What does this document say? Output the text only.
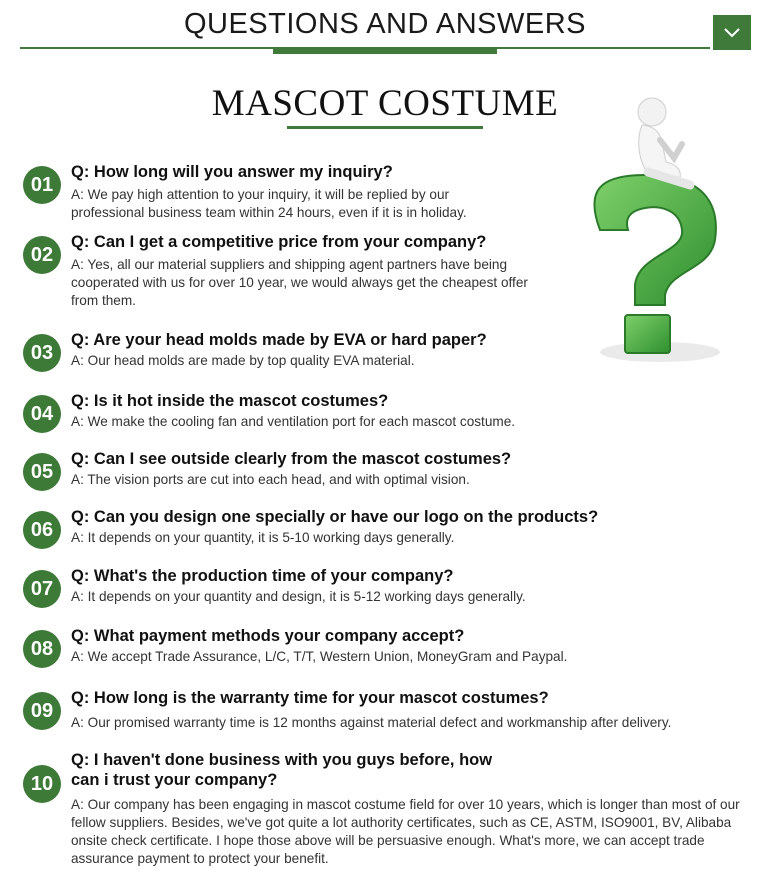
QUESTIONS AND ANSWERS
MASCOT COSTUME
01
Q: How long will you answer my inquiry?
A: We pay high attention to your inquiry, it will be replied by our professional business team within 24 hours, even if it is in holiday.
02
Q: Can I get a competitive price from your company?
A: Yes, all our material suppliers and shipping agent partners have being cooperated with us for over 10 year, we would always get the cheapest offer from them.
03
Q: Are your head molds made by EVA or hard paper?
A: Our head molds are made by top quality EVA material.
04
Q: Is it hot inside the mascot costumes?
A: We make the cooling fan and ventilation port for each mascot costume.
05
Q: Can I see outside clearly from the mascot costumes?
A: The vision ports are cut into each head, and with optimal vision.
06
Q: Can you design one specially or have our logo on the products?
A: It depends on your quantity, it is 5-10 working days generally.
07
Q: What's the production time of your company?
A: It depends on your quantity and design, it is 5-12 working days generally.
08
Q: What payment methods your company accept?
A: We accept Trade Assurance, L/C, T/T, Western Union, MoneyGram and Paypal.
09
Q: How long is the warranty time for your mascot costumes?
A: Our promised warranty time is 12 months against material defect and workmanship after delivery.
10
Q: I haven't done business with you guys before, how can i trust your company?
A: Our company has been engaging in mascot costume field for over 10 years, which is longer than most of our fellow suppliers. Besides, we've got quite a lot authority certificates, such as CE, ASTM, ISO9001, BV, Alibaba onsite check certificate. I hope those above will be persuasive enough. What's more, we can accept trade assurance payment to protect your benefit.
